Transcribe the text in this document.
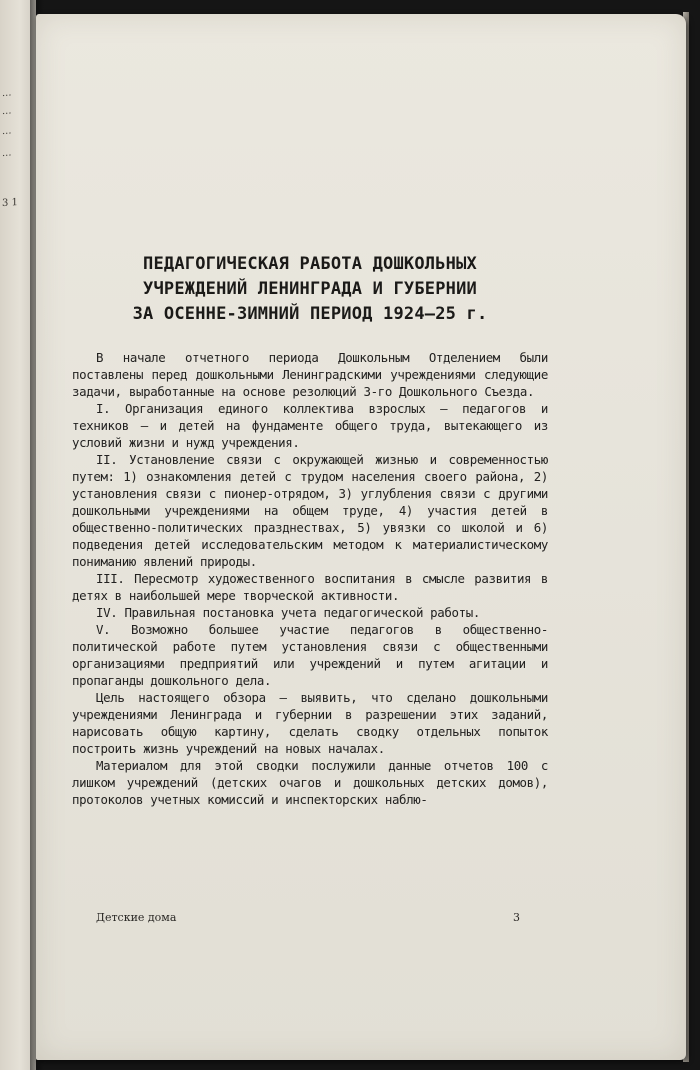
...
...
...
...
3 1
ПЕДАГОГИЧЕСКАЯ РАБОТА ДОШКОЛЬНЫХ
УЧРЕЖДЕНИЙ ЛЕНИНГРАДА И ГУБЕРНИИ
ЗА ОСЕННЕ-ЗИМНИЙ ПЕРИОД 1924—25 г.

В начале отчетного периода Дошкольным Отделением были поставлены перед дошкольными Ленинградскими учреждениями следующие задачи, выработанные на основе резолюций 3-го Дошкольного Съезда.

I. Организация единого коллектива взрослых — педагогов и техников — и детей на фундаменте общего труда, вытекающего из условий жизни и нужд учреждения.

II. Установление связи с окружающей жизнью и современностью путем: 1) ознакомления детей с трудом населения своего района, 2) установления связи с пионер-отрядом, 3) углубления связи с другими дошкольными учреждениями на общем труде, 4) участия детей в общественно-политических празднествах, 5) увязки со школой и 6) подведения детей исследовательским методом к материалистическому пониманию явлений природы.

III. Пересмотр художественного воспитания в смысле развития в детях в наибольшей мере творческой активности.

IV. Правильная постановка учета педагогической работы.

V. Возможно большее участие педагогов в общественно-политической работе путем установления связи с общественными организациями предприятий или учреждений и путем агитации и пропаганды дошкольного дела.

Цель настоящего обзора — выявить, что сделано дошкольными учреждениями Ленинграда и губернии в разрешении этих заданий, нарисовать общую картину, сделать сводку отдельных попыток построить жизнь учреждений на новых началах.

Материалом для этой сводки послужили данные отчетов 100 с лишком учреждений (детских очагов и дошкольных детских домов), протоколов учетных комиссий и инспекторских наблю-

Детские дома	3
